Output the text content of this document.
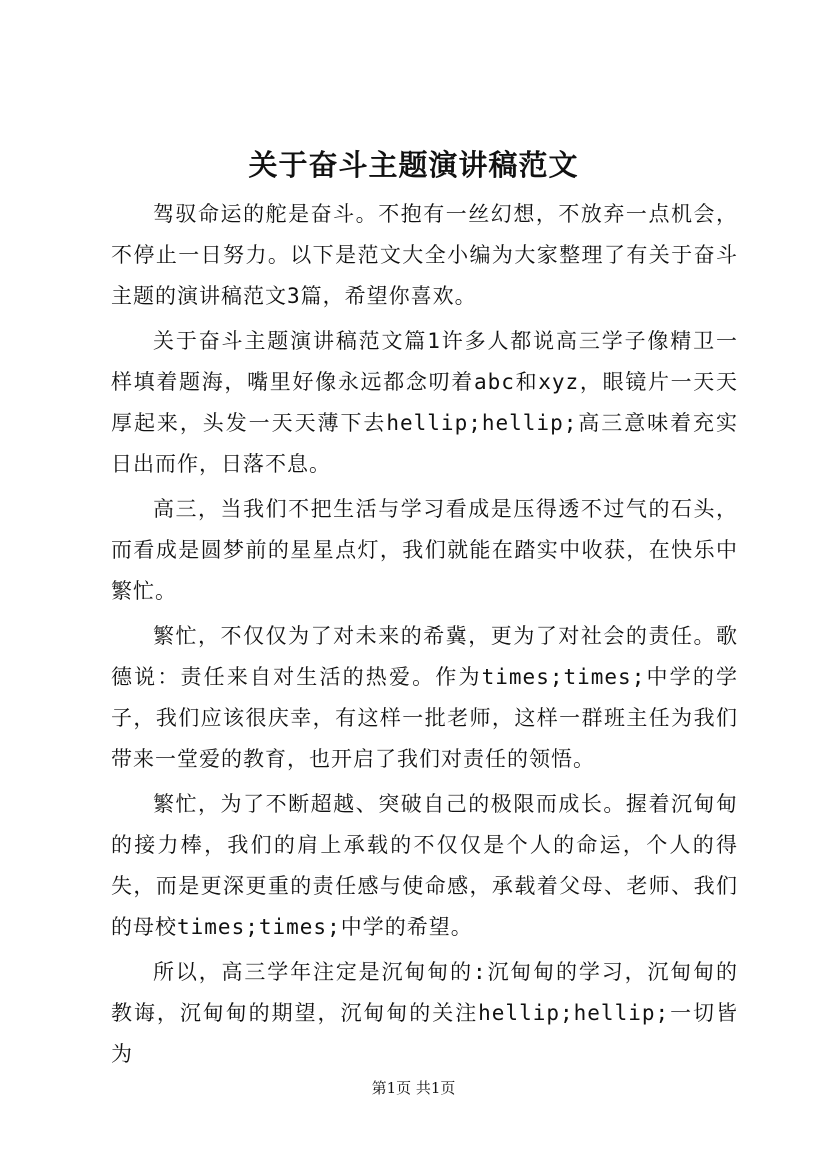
关于奋斗主题演讲稿范文

驾驭命运的舵是奋斗。不抱有一丝幻想，不放弃一点机会，不停止一日努力。以下是范文大全小编为大家整理了有关于奋斗主题的演讲稿范文3篇，希望你喜欢。

关于奋斗主题演讲稿范文篇1许多人都说高三学子像精卫一样填着题海，嘴里好像永远都念叨着abc和xyz，眼镜片一天天厚起来，头发一天天薄下去hellip;hellip;高三意味着充实日出而作，日落不息。

高三，当我们不把生活与学习看成是压得透不过气的石头，而看成是圆梦前的星星点灯，我们就能在踏实中收获，在快乐中繁忙。

繁忙，不仅仅为了对未来的希冀，更为了对社会的责任。歌德说：责任来自对生活的热爱。作为times;times;中学的学子，我们应该很庆幸，有这样一批老师，这样一群班主任为我们带来一堂爱的教育，也开启了我们对责任的领悟。

繁忙，为了不断超越、突破自己的极限而成长。握着沉甸甸的接力棒，我们的肩上承载的不仅仅是个人的命运，个人的得失，而是更深更重的责任感与使命感，承载着父母、老师、我们的母校times;times;中学的希望。

所以，高三学年注定是沉甸甸的:沉甸甸的学习，沉甸甸的教诲，沉甸甸的期望，沉甸甸的关注hellip;hellip;一切皆为

第1页 共1页
